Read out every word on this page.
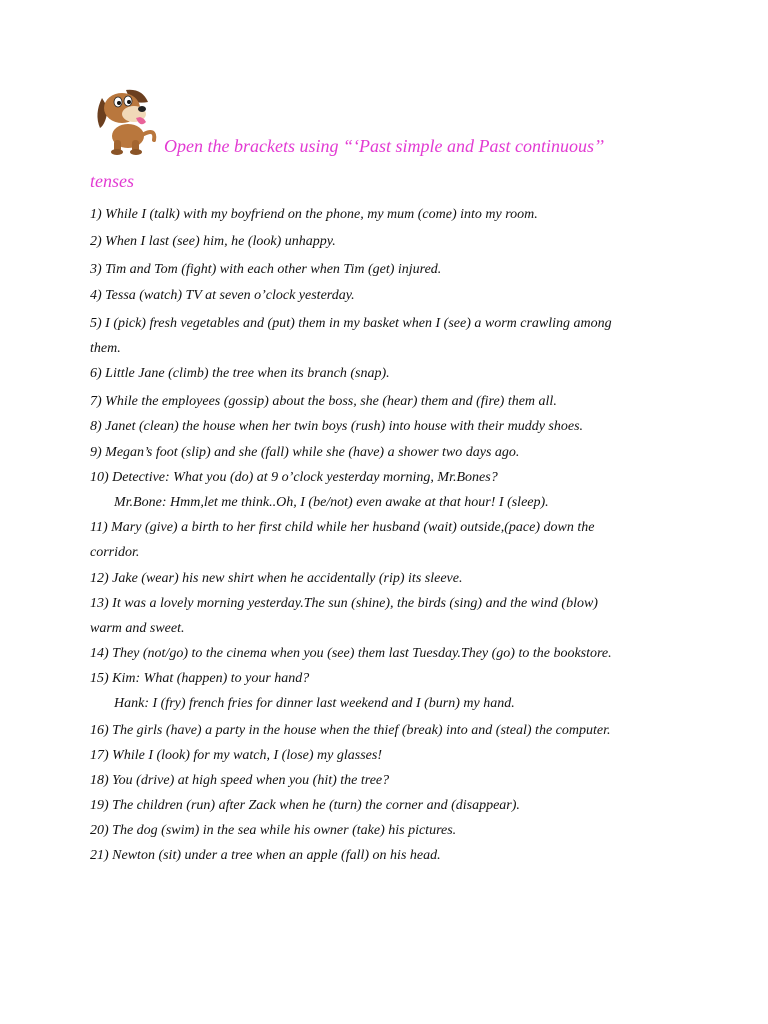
Open the brackets using “‘Past simple and Past continuous’’
tenses
1) While I (talk) with my boyfriend on the phone, my mum (come) into my room.
2) When I last (see) him, he (look) unhappy.
3) Tim and Tom (fight) with each other when Tim (get) injured.
4) Tessa (watch) TV at seven o’clock yesterday.
5) I (pick) fresh vegetables and (put) them in my basket when I (see) a worm crawling among
them.
6) Little Jane (climb) the tree when its branch (snap).
7) While the employees (gossip) about the boss, she (hear) them and (fire) them all.
8) Janet (clean) the house when her twin boys (rush) into house with their muddy shoes.
9) Megan’s foot (slip) and she (fall) while she (have) a shower two days ago.
10) Detective: What you (do) at 9 o’clock yesterday morning, Mr.Bones?
Mr.Bone: Hmm,let me think..Oh, I (be/not) even awake at that hour! I (sleep).
11) Mary (give) a birth to her first child while her husband (wait) outside,(pace) down the
corridor.
12) Jake (wear) his new shirt when he accidentally (rip) its sleeve.
13) It was a lovely morning yesterday.The sun (shine), the birds (sing) and the wind (blow)
warm and sweet.
14) They (not/go) to the cinema when you (see) them last Tuesday.They (go) to the bookstore.
15) Kim: What (happen) to your hand?
Hank: I (fry) french fries for dinner last weekend and I (burn) my hand.
16) The girls (have) a party in the house when the thief (break) into and (steal) the computer.
17) While I (look) for my watch, I (lose) my glasses!
18) You (drive) at high speed when you (hit) the tree?
19) The children (run) after Zack when he (turn) the corner and (disappear).
20) The dog (swim) in the sea while his owner (take) his pictures.
21) Newton (sit) under a tree when an apple (fall) on his head.
